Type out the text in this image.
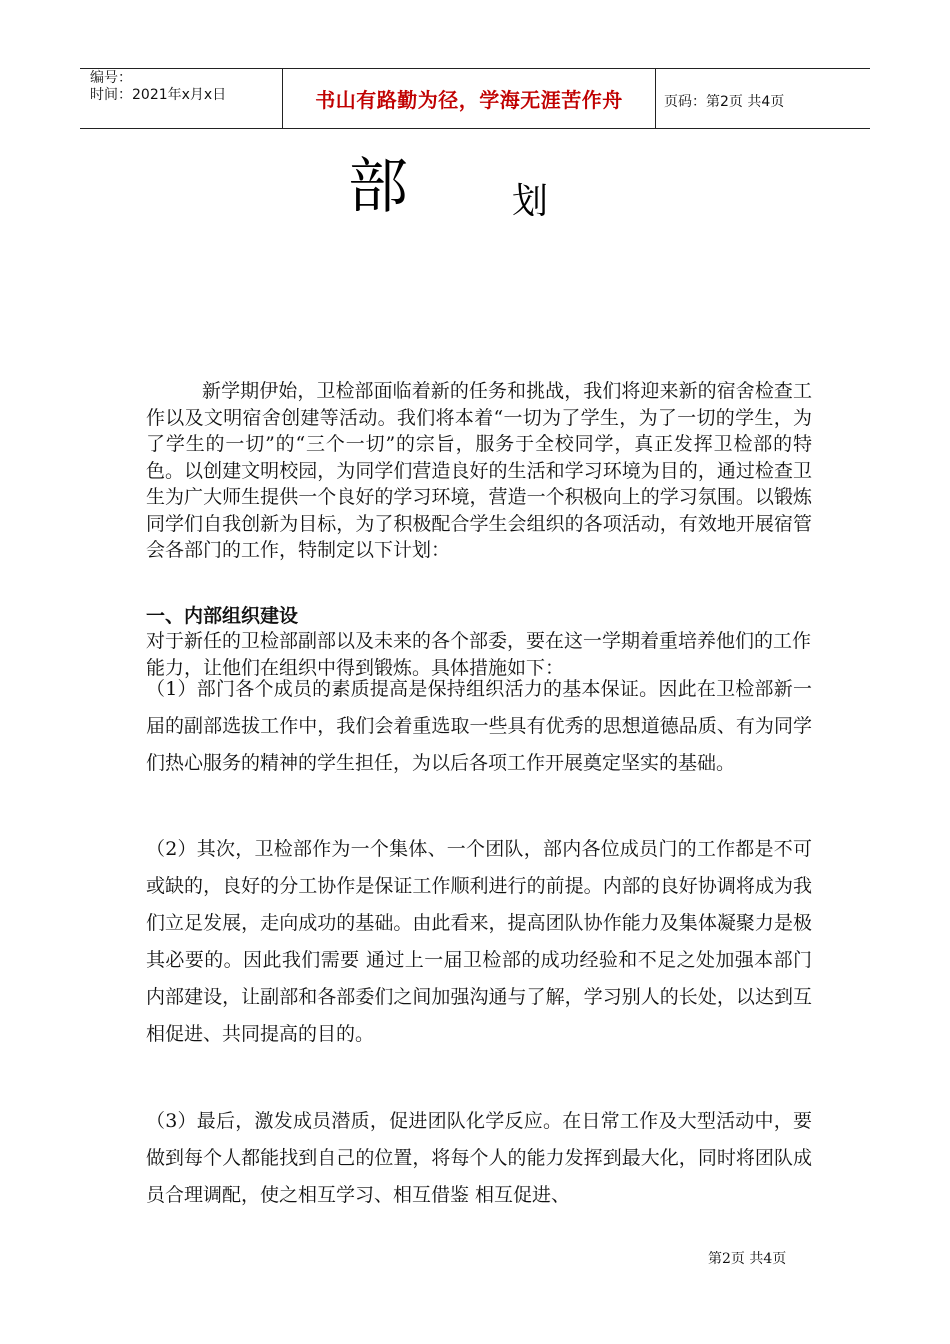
编号：
时间：2021年x月x日	书山有路勤为径，学海无涯苦作舟	页码：第2页 共4页
部	划
新学期伊始，卫检部面临着新的任务和挑战，我们将迎来新的宿舍检查工作以及文明宿舍创建等活动。我们将本着“一切为了学生，为了一切的学生，为了学生的一切”的“三个一切”的宗旨，服务于全校同学，真正发挥卫检部的特色。以创建文明校园，为同学们营造良好的生活和学习环境为目的，通过检查卫生为广大师生提供一个良好的学习环境，营造一个积极向上的学习氛围。以锻炼同学们自我创新为目标，为了积极配合学生会组织的各项活动，有效地开展宿管会各部门的工作，特制定以下计划：
一、内部组织建设
对于新任的卫检部副部以及未来的各个部委，要在这一学期着重培养他们的工作能力，让他们在组织中得到锻炼。具体措施如下：
（1）部门各个成员的素质提高是保持组织活力的基本保证。因此在卫检部新一届的副部选拔工作中，我们会着重选取一些具有优秀的思想道德品质、有为同学们热心服务的精神的学生担任，为以后各项工作开展奠定坚实的基础。
（2）其次，卫检部作为一个集体、一个团队，部内各位成员门的工作都是不可或缺的，良好的分工协作是保证工作顺利进行的前提。内部的良好协调将成为我们立足发展，走向成功的基础。由此看来，提高团队协作能力及集体凝聚力是极其必要的。因此我们需要 通过上一届卫检部的成功经验和不足之处加强本部门内部建设，让副部和各部委们之间加强沟通与了解，学习别人的长处，以达到互相促进、共同提高的目的。
（3）最后，激发成员潜质，促进团队化学反应。在日常工作及大型活动中，要做到每个人都能找到自己的位置，将每个人的能力发挥到最大化，同时将团队成员合理调配，使之相互学习、相互借鉴 相互促进、
第2页 共4页
